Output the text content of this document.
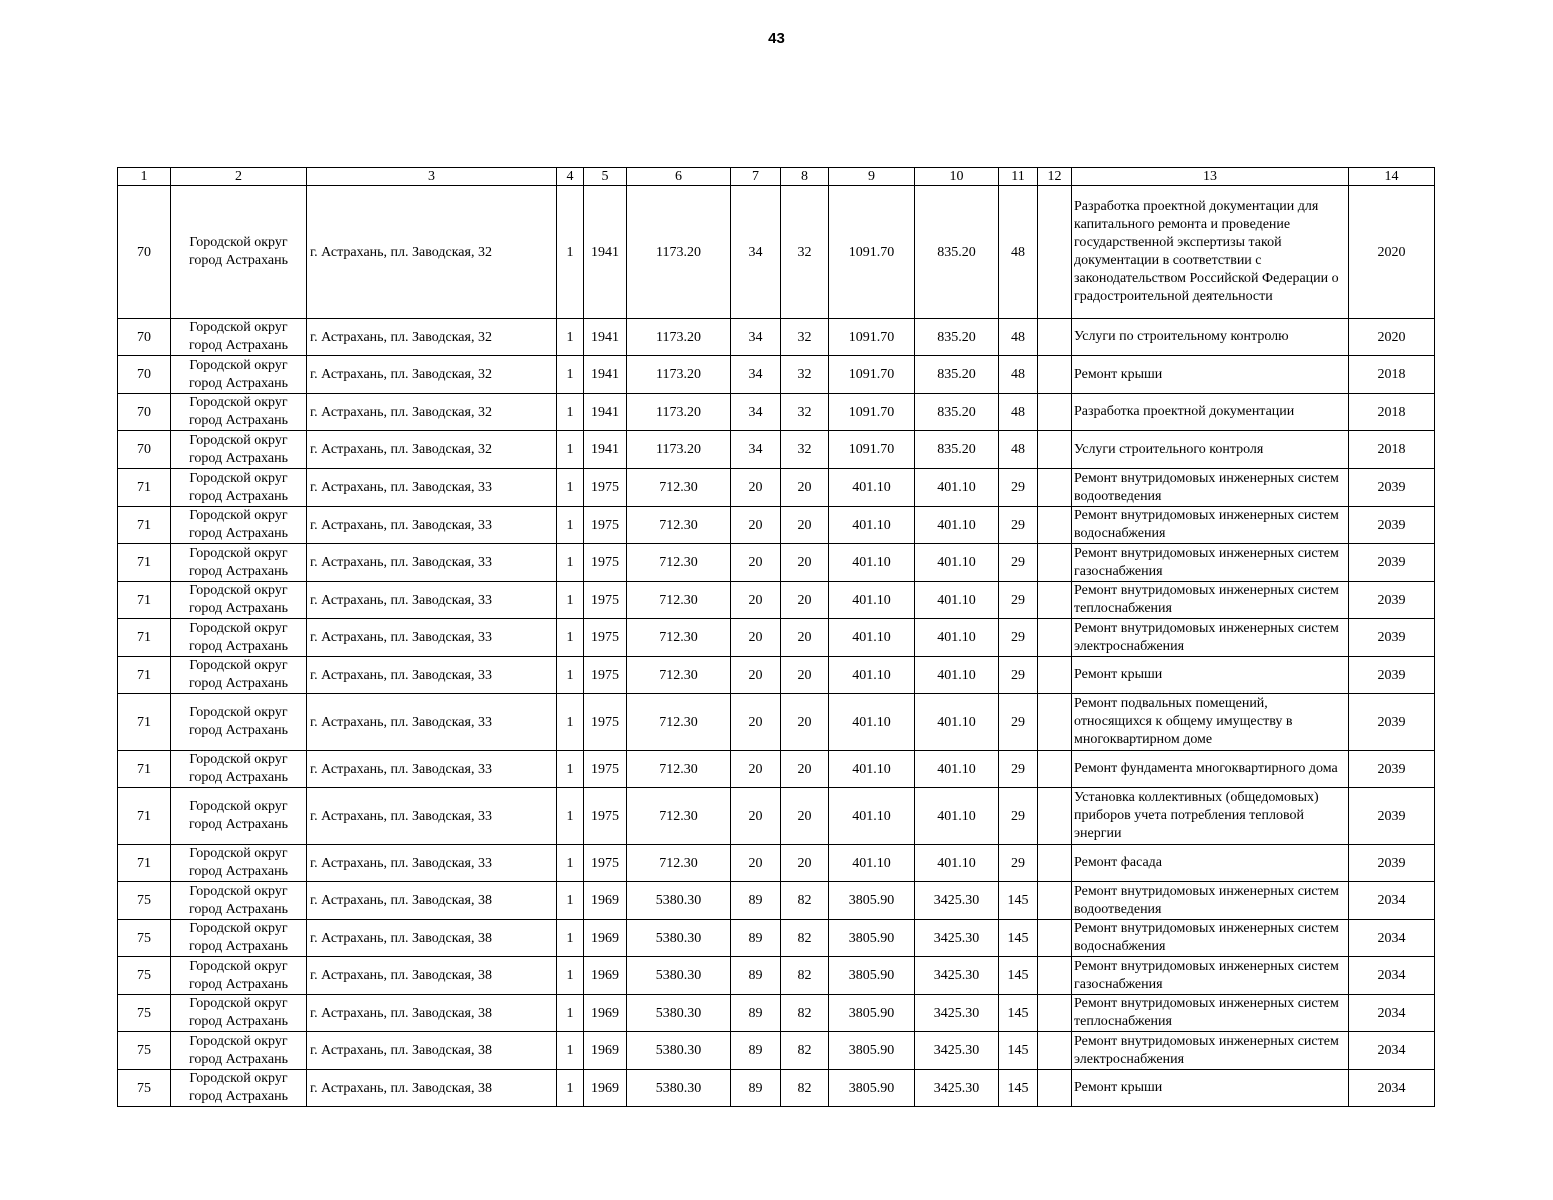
43
1	2	3	4	5	6	7	8	9	10	11	12	13	14
70	Городской округ город Астрахань	г. Астрахань, пл. Заводская, 32	1	1941	1173.20	34	32	1091.70	835.20	48		Разработка проектной документации для капитального ремонта и проведение государственной экспертизы такой документации в соответствии с законодательством Российской Федерации о градостроительной деятельности	2020
70	Городской округ город Астрахань	г. Астрахань, пл. Заводская, 32	1	1941	1173.20	34	32	1091.70	835.20	48		Услуги по строительному контролю	2020
70	Городской округ город Астрахань	г. Астрахань, пл. Заводская, 32	1	1941	1173.20	34	32	1091.70	835.20	48		Ремонт крыши	2018
70	Городской округ город Астрахань	г. Астрахань, пл. Заводская, 32	1	1941	1173.20	34	32	1091.70	835.20	48		Разработка проектной документации	2018
70	Городской округ город Астрахань	г. Астрахань, пл. Заводская, 32	1	1941	1173.20	34	32	1091.70	835.20	48		Услуги строительного контроля	2018
71	Городской округ город Астрахань	г. Астрахань, пл. Заводская, 33	1	1975	712.30	20	20	401.10	401.10	29		Ремонт внутридомовых инженерных систем водоотведения	2039
71	Городской округ город Астрахань	г. Астрахань, пл. Заводская, 33	1	1975	712.30	20	20	401.10	401.10	29		Ремонт внутридомовых инженерных систем водоснабжения	2039
71	Городской округ город Астрахань	г. Астрахань, пл. Заводская, 33	1	1975	712.30	20	20	401.10	401.10	29		Ремонт внутридомовых инженерных систем газоснабжения	2039
71	Городской округ город Астрахань	г. Астрахань, пл. Заводская, 33	1	1975	712.30	20	20	401.10	401.10	29		Ремонт внутридомовых инженерных систем теплоснабжения	2039
71	Городской округ город Астрахань	г. Астрахань, пл. Заводская, 33	1	1975	712.30	20	20	401.10	401.10	29		Ремонт внутридомовых инженерных систем электроснабжения	2039
71	Городской округ город Астрахань	г. Астрахань, пл. Заводская, 33	1	1975	712.30	20	20	401.10	401.10	29		Ремонт крыши	2039
71	Городской округ город Астрахань	г. Астрахань, пл. Заводская, 33	1	1975	712.30	20	20	401.10	401.10	29		Ремонт подвальных помещений, относящихся к общему имуществу в многоквартирном доме	2039
71	Городской округ город Астрахань	г. Астрахань, пл. Заводская, 33	1	1975	712.30	20	20	401.10	401.10	29		Ремонт фундамента многоквартирного дома	2039
71	Городской округ город Астрахань	г. Астрахань, пл. Заводская, 33	1	1975	712.30	20	20	401.10	401.10	29		Установка коллективных (общедомовых) приборов учета потребления тепловой энергии	2039
71	Городской округ город Астрахань	г. Астрахань, пл. Заводская, 33	1	1975	712.30	20	20	401.10	401.10	29		Ремонт фасада	2039
75	Городской округ город Астрахань	г. Астрахань, пл. Заводская, 38	1	1969	5380.30	89	82	3805.90	3425.30	145		Ремонт внутридомовых инженерных систем водоотведения	2034
75	Городской округ город Астрахань	г. Астрахань, пл. Заводская, 38	1	1969	5380.30	89	82	3805.90	3425.30	145		Ремонт внутридомовых инженерных систем водоснабжения	2034
75	Городской округ город Астрахань	г. Астрахань, пл. Заводская, 38	1	1969	5380.30	89	82	3805.90	3425.30	145		Ремонт внутридомовых инженерных систем газоснабжения	2034
75	Городской округ город Астрахань	г. Астрахань, пл. Заводская, 38	1	1969	5380.30	89	82	3805.90	3425.30	145		Ремонт внутридомовых инженерных систем теплоснабжения	2034
75	Городской округ город Астрахань	г. Астрахань, пл. Заводская, 38	1	1969	5380.30	89	82	3805.90	3425.30	145		Ремонт внутридомовых инженерных систем электроснабжения	2034
75	Городской округ город Астрахань	г. Астрахань, пл. Заводская, 38	1	1969	5380.30	89	82	3805.90	3425.30	145		Ремонт крыши	2034
